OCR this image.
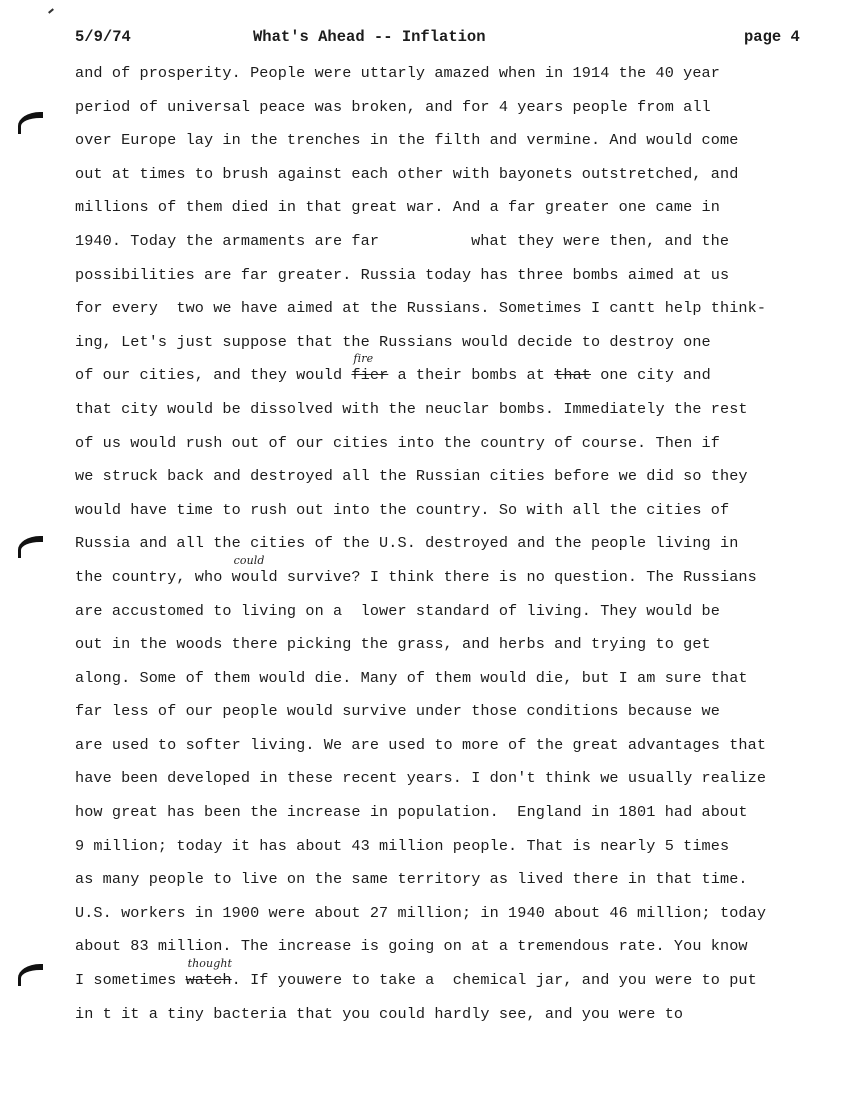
5/9/74	What's Ahead -- Inflation	page 4
and of prosperity. People were uttarly amazed when in 1914 the 40 year
period of universal peace was broken, and for 4 years people from all
over Europe lay in the trenches in the filth and vermine. And would come
out at times to brush against each other with bayonets outstretched, and
millions of them died in that great war. And a far greater one came in
1940. Today the armaments are far	what they were then, and the
possibilities are far greater. Russia today has three bombs aimed at us
for every  two we have aimed at the Russians. Sometimes I cantt help think-
ing, Let's just suppose that the Russians would decide to destroy one
of our cities, and they would
fire
fier a their bombs at that one city and
that city would be dissolved with the neuclar bombs. Immediately the rest
of us would rush out of our cities into the country of course. Then if
we struck back and destroyed all the Russian cities before we did so they
would have time to rush out into the country. So with all the cities of
Russia and all the cities of the U.S. destroyed and the people living in
the country, who
could
would survive? I think there is no question. The Russians
are accustomed to living on a  lower standard of living. They would be
out in the woods there picking the grass, and herbs and trying to get
along. Some of them would die. Many of them would die, but I am sure that
far less of our people would survive under those conditions because we
are used to softer living. We are used to more of the great advantages that
have been developed in these recent years. I don't think we usually realize
how great has been the increase in population.  England in 1801 had about
9 million; today it has about 43 million people. That is nearly 5 times
as many people to live on the same territory as lived there in that time.
U.S. workers in 1900 were about 27 million; in 1940 about 46 million; today
about 83 million. The increase is going on at a tremendous rate. You know
I sometimes
thought
watch. If youwere to take a  chemical jar, and you were to put
in t it a tiny bacteria that you could hardly see, and you were to
